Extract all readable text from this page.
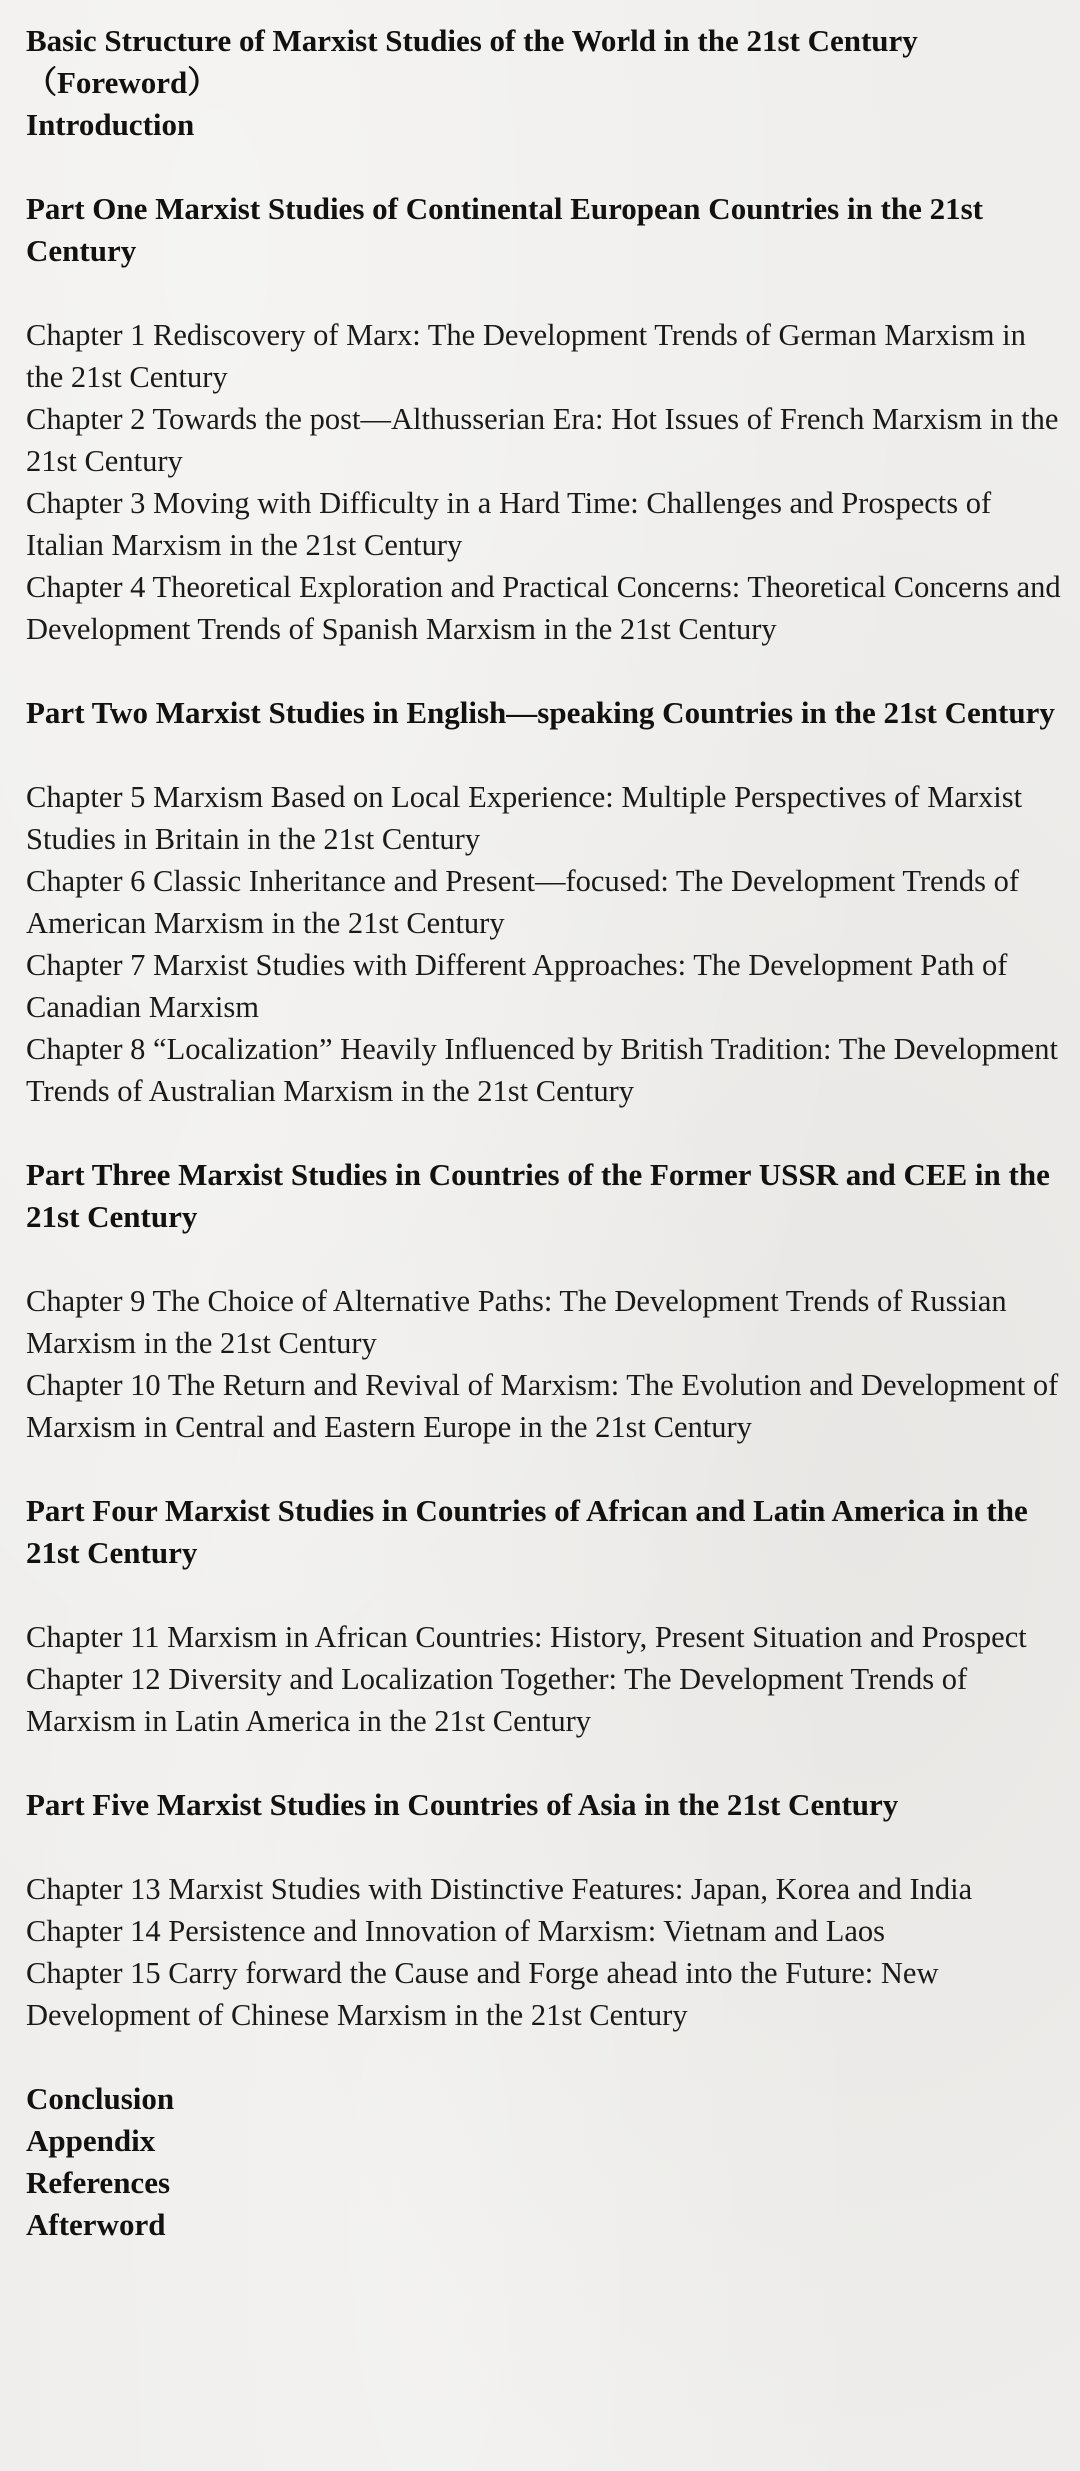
Basic Structure of Marxist Studies of the World in the 21st Century

（Foreword）

Introduction

Part One Marxist Studies of Continental European Countries in the 21st Century

Chapter 1 Rediscovery of Marx: The Development Trends of German Marxism in the 21st Century

Chapter 2 Towards the post—Althusserian Era: Hot Issues of French Marxism in the 21st Century

Chapter 3 Moving with Difficulty in a Hard Time: Challenges and Prospects of Italian Marxism in the 21st Century

Chapter 4 Theoretical Exploration and Practical Concerns: Theoretical Concerns and Development Trends of Spanish Marxism in the 21st Century

Part Two Marxist Studies in English—speaking Countries in the 21st Century

Chapter 5 Marxism Based on Local Experience: Multiple Perspectives of Marxist Studies in Britain in the 21st Century

Chapter 6 Classic Inheritance and Present—focused: The Development Trends of American Marxism in the 21st Century

Chapter 7 Marxist Studies with Different Approaches: The Development Path of Canadian Marxism

Chapter 8 “Localization” Heavily Influenced by British Tradition: The Development Trends of Australian Marxism in the 21st Century

Part Three Marxist Studies in Countries of the Former USSR and CEE in the 21st Century

Chapter 9 The Choice of Alternative Paths: The Development Trends of Russian Marxism in the 21st Century

Chapter 10 The Return and Revival of Marxism: The Evolution and Development of Marxism in Central and Eastern Europe in the 21st Century

Part Four Marxist Studies in Countries of African and Latin America in the 21st Century

Chapter 11 Marxism in African Countries: History, Present Situation and Prospect

Chapter 12 Diversity and Localization Together: The Development Trends of Marxism in Latin America in the 21st Century

Part Five Marxist Studies in Countries of Asia in the 21st Century

Chapter 13 Marxist Studies with Distinctive Features: Japan, Korea and India

Chapter 14 Persistence and Innovation of Marxism: Vietnam and Laos

Chapter 15 Carry forward the Cause and Forge ahead into the Future: New Development of Chinese Marxism in the 21st Century

Conclusion

Appendix

References

Afterword
